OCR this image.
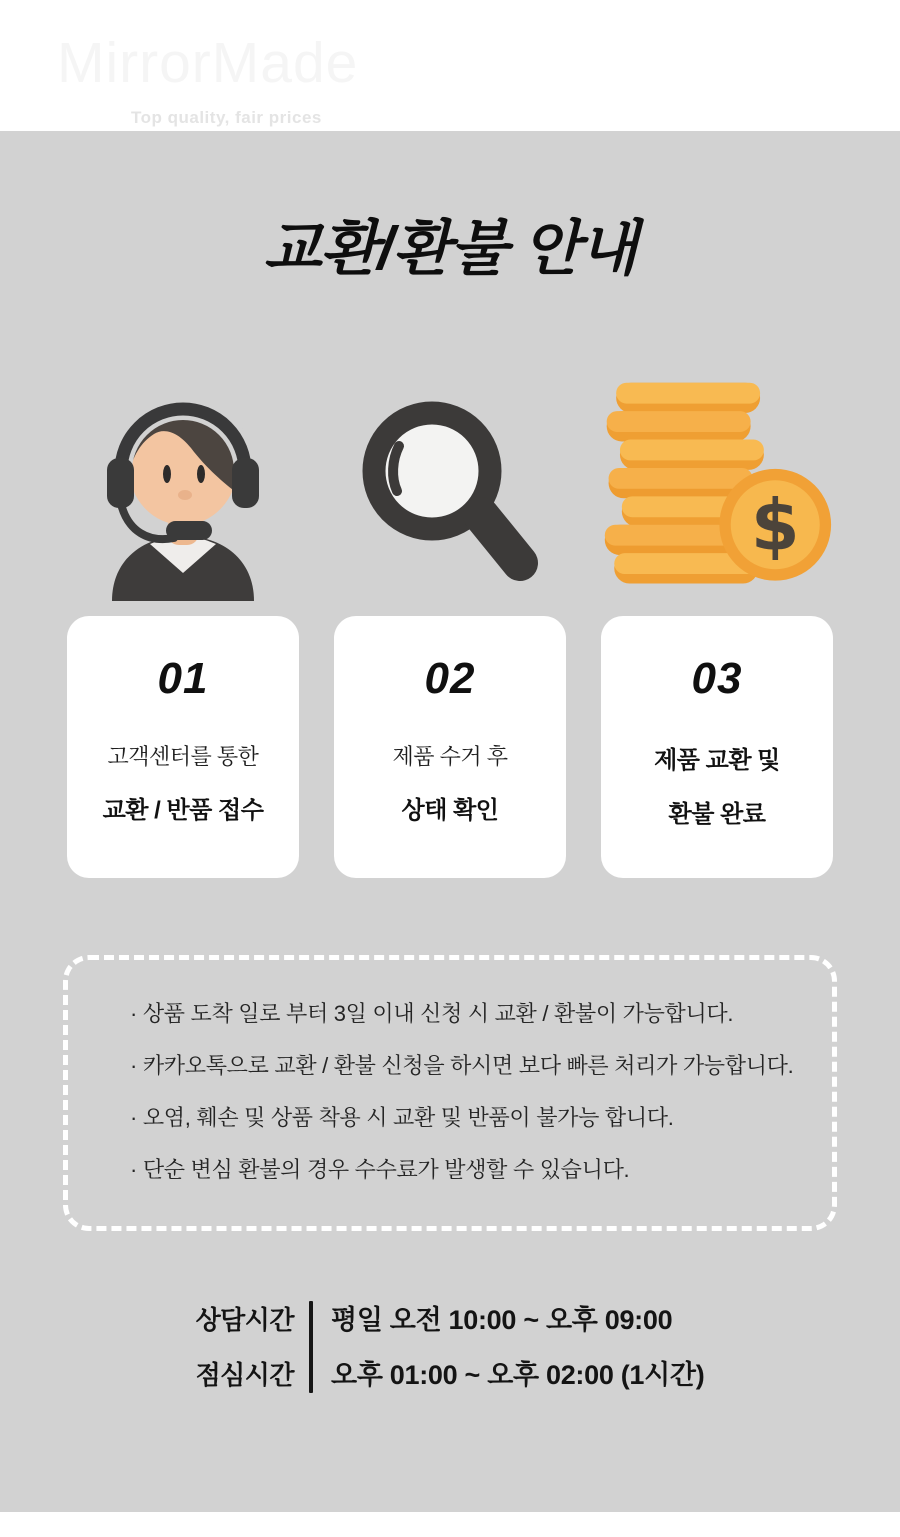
MirrorMade
Top quality, fair prices
교환/환불 안내
$
01
고객센터를 통한
교환 / 반품 접수
02
제품 수거 후
상태 확인
03
제품 교환 및
환불 완료
· 상품 도착 일로 부터 3일 이내 신청 시 교환 / 환불이 가능합니다.
· 카카오톡으로 교환 / 환불 신청을 하시면 보다 빠른 처리가 가능합니다.
· 오염, 훼손 및 상품 착용 시 교환 및 반품이 불가능 합니다.
· 단순 변심 환불의 경우 수수료가 발생할 수 있습니다.
상담시간
점심시간
평일 오전 10:00 ~ 오후 09:00
오후 01:00 ~ 오후 02:00 (1시간)
